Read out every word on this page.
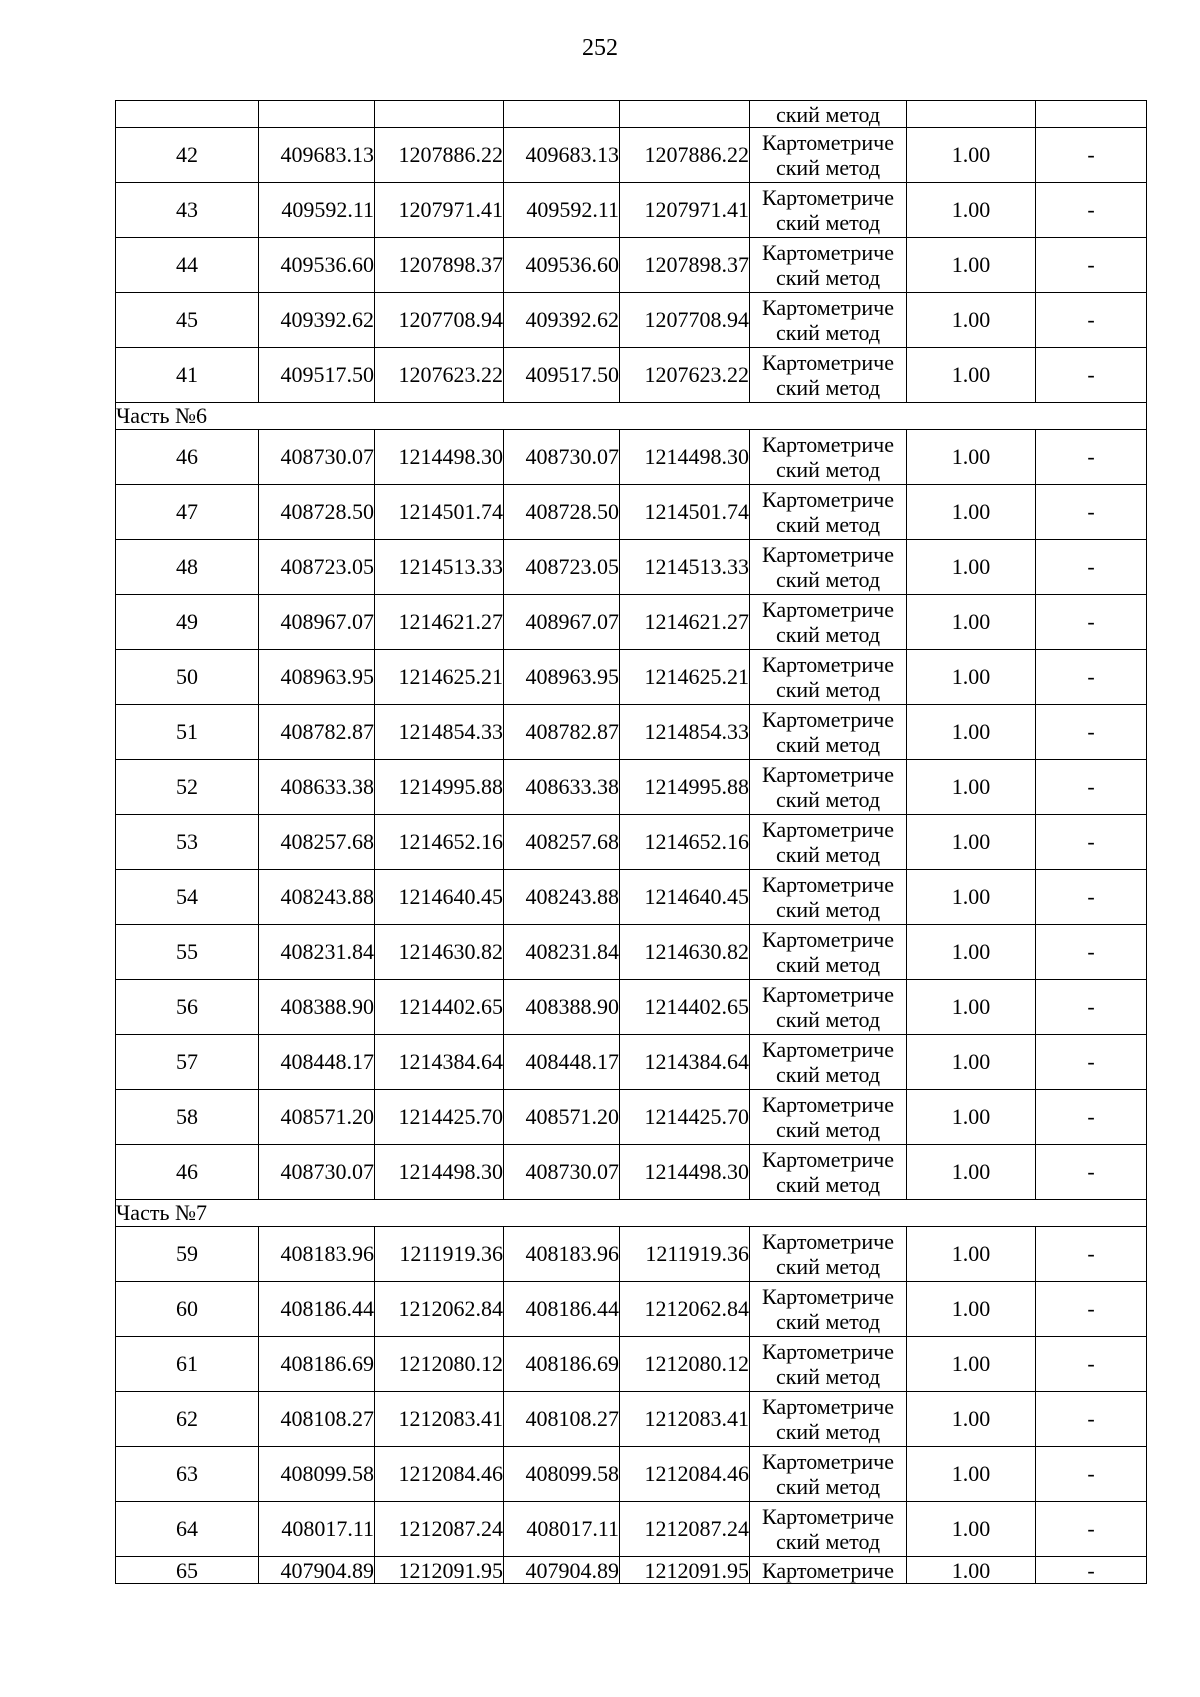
252
					ский метод		
42	409683.13	1207886.22	409683.13	1207886.22	Картометриче
ский метод	1.00	-
43	409592.11	1207971.41	409592.11	1207971.41	Картометриче
ский метод	1.00	-
44	409536.60	1207898.37	409536.60	1207898.37	Картометриче
ский метод	1.00	-
45	409392.62	1207708.94	409392.62	1207708.94	Картометриче
ский метод	1.00	-
41	409517.50	1207623.22	409517.50	1207623.22	Картометриче
ский метод	1.00	-
Часть №6							
46	408730.07	1214498.30	408730.07	1214498.30	Картометриче
ский метод	1.00	-
47	408728.50	1214501.74	408728.50	1214501.74	Картометриче
ский метод	1.00	-
48	408723.05	1214513.33	408723.05	1214513.33	Картометриче
ский метод	1.00	-
49	408967.07	1214621.27	408967.07	1214621.27	Картометриче
ский метод	1.00	-
50	408963.95	1214625.21	408963.95	1214625.21	Картометриче
ский метод	1.00	-
51	408782.87	1214854.33	408782.87	1214854.33	Картометриче
ский метод	1.00	-
52	408633.38	1214995.88	408633.38	1214995.88	Картометриче
ский метод	1.00	-
53	408257.68	1214652.16	408257.68	1214652.16	Картометриче
ский метод	1.00	-
54	408243.88	1214640.45	408243.88	1214640.45	Картометриче
ский метод	1.00	-
55	408231.84	1214630.82	408231.84	1214630.82	Картометриче
ский метод	1.00	-
56	408388.90	1214402.65	408388.90	1214402.65	Картометриче
ский метод	1.00	-
57	408448.17	1214384.64	408448.17	1214384.64	Картометриче
ский метод	1.00	-
58	408571.20	1214425.70	408571.20	1214425.70	Картометриче
ский метод	1.00	-
46	408730.07	1214498.30	408730.07	1214498.30	Картометриче
ский метод	1.00	-
Часть №7							
59	408183.96	1211919.36	408183.96	1211919.36	Картометриче
ский метод	1.00	-
60	408186.44	1212062.84	408186.44	1212062.84	Картометриче
ский метод	1.00	-
61	408186.69	1212080.12	408186.69	1212080.12	Картометриче
ский метод	1.00	-
62	408108.27	1212083.41	408108.27	1212083.41	Картометриче
ский метод	1.00	-
63	408099.58	1212084.46	408099.58	1212084.46	Картометриче
ский метод	1.00	-
64	408017.11	1212087.24	408017.11	1212087.24	Картометриче
ский метод	1.00	-
65	407904.89	1212091.95	407904.89	1212091.95	Картометриче	1.00	-
